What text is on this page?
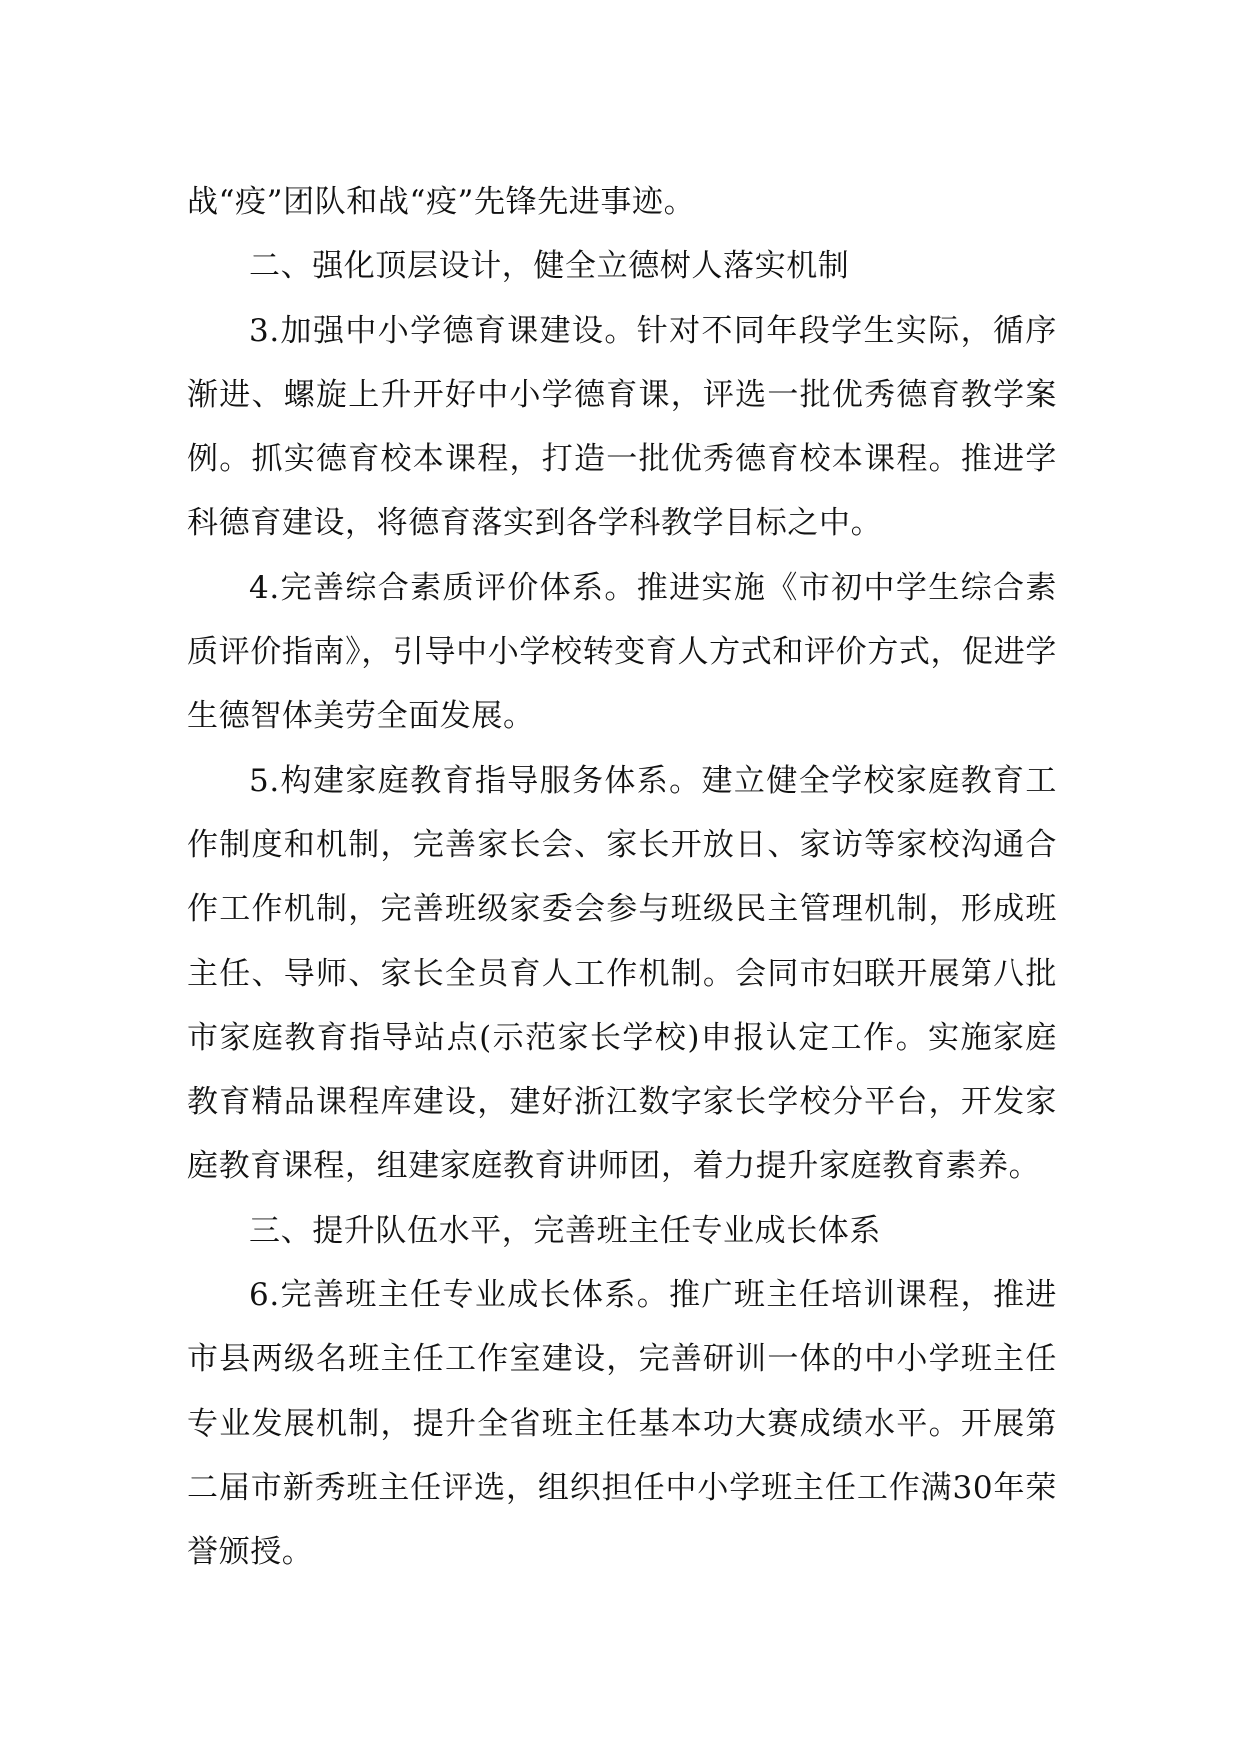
战“疫”团队和战“疫”先锋先进事迹。

二、强化顶层设计，健全立德树人落实机制

3.加强中小学德育课建设。针对不同年段学生实际，循序渐进、螺旋上升开好中小学德育课，评选一批优秀德育教学案例。抓实德育校本课程，打造一批优秀德育校本课程。推进学科德育建设，将德育落实到各学科教学目标之中。

4.完善综合素质评价体系。推进实施《市初中学生综合素质评价指南》，引导中小学校转变育人方式和评价方式，促进学生德智体美劳全面发展。

5.构建家庭教育指导服务体系。建立健全学校家庭教育工作制度和机制，完善家长会、家长开放日、家访等家校沟通合作工作机制，完善班级家委会参与班级民主管理机制，形成班主任、导师、家长全员育人工作机制。会同市妇联开展第八批市家庭教育指导站点(示范家长学校)申报认定工作。实施家庭教育精品课程库建设，建好浙江数字家长学校分平台，开发家庭教育课程，组建家庭教育讲师团，着力提升家庭教育素养。

三、提升队伍水平，完善班主任专业成长体系

6.完善班主任专业成长体系。推广班主任培训课程，推进市县两级名班主任工作室建设，完善研训一体的中小学班主任专业发展机制，提升全省班主任基本功大赛成绩水平。开展第二届市新秀班主任评选，组织担任中小学班主任工作满30年荣誉颁授。
